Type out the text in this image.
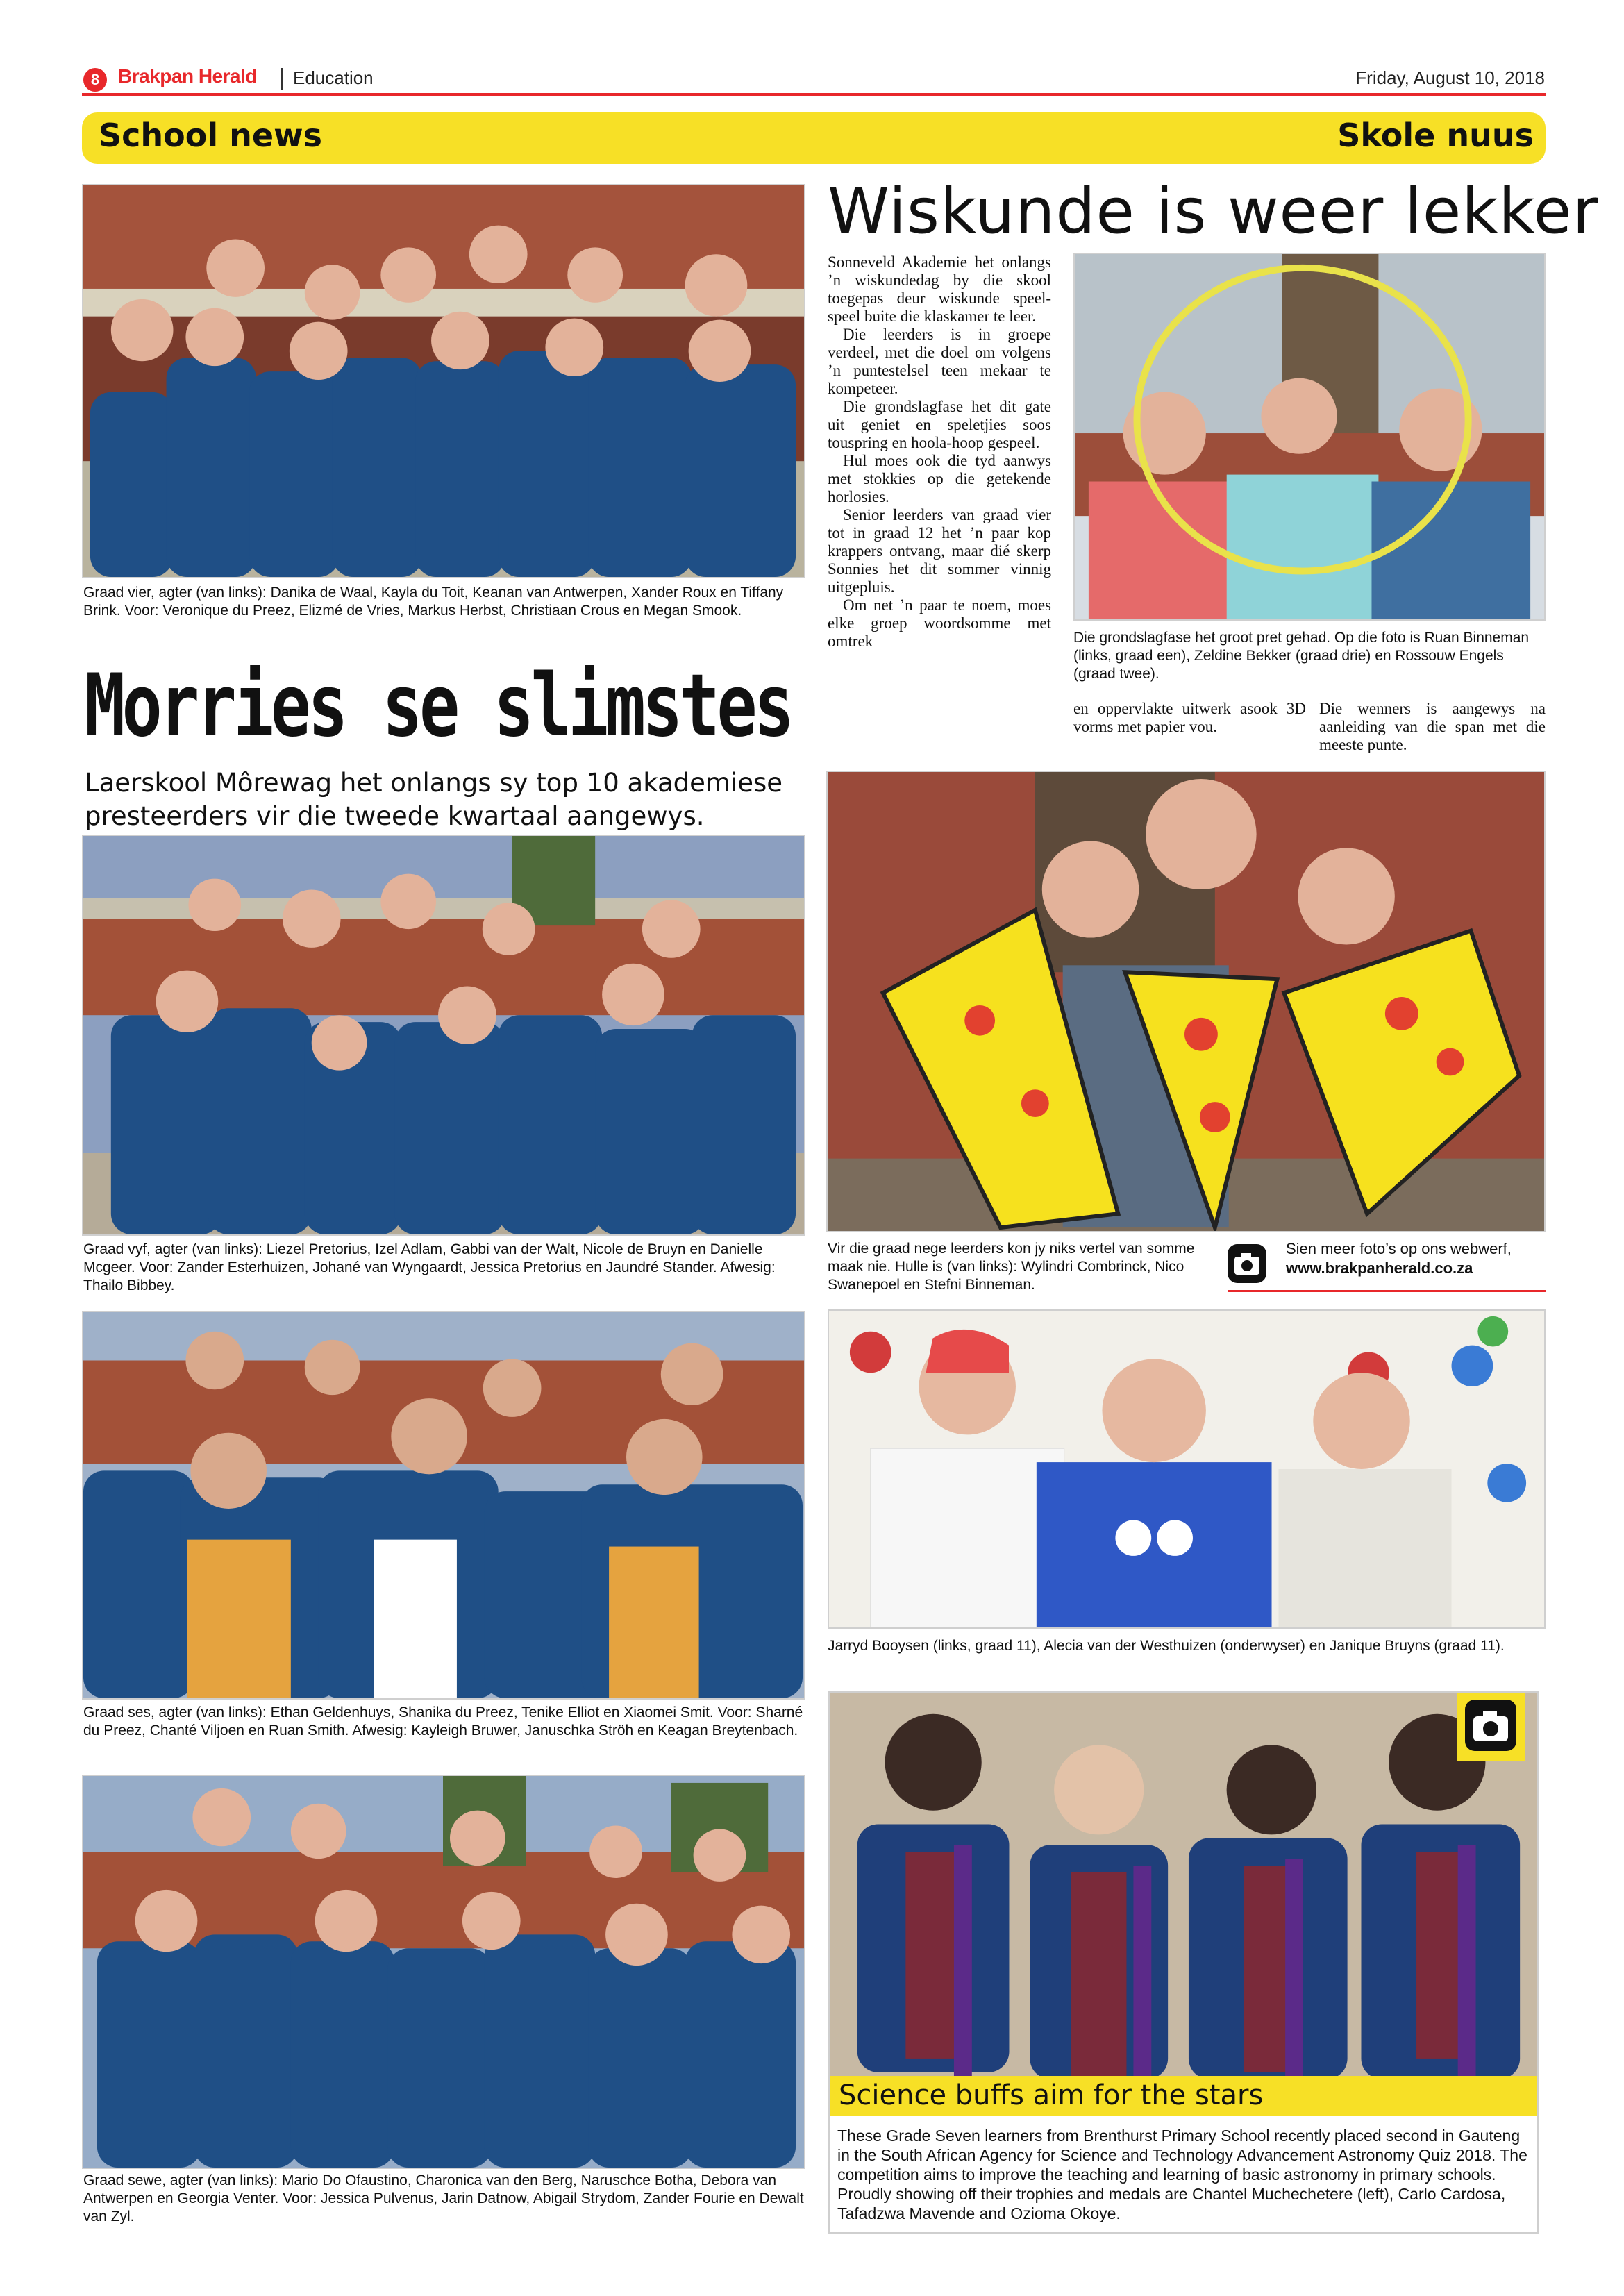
8 Brakpan Herald Education	Friday, August 10, 2018
School news	Skole nuus
Graad vier, agter (van links): Danika de Waal, Kayla du Toit, Keanan van Antwerpen, Xander Roux en Tiffany Brink. Voor: Veronique du Preez, Elizmé de Vries, Markus Herbst, Christiaan Crous en Megan Smook.
Morries se slimstes
Laerskool Môrewag het onlangs sy top 10 akademiese presteerders vir die tweede kwartaal aangewys.
Graad vyf, agter (van links): Liezel Pretorius, Izel Adlam, Gabbi van der Walt, Nicole de Bruyn en Danielle Mcgeer. Voor: Zander Esterhuizen, Johané van Wyngaardt, Jessica Pretorius en Jaundré Stander. Afwesig: Thailo Bibbey.
Graad ses, agter (van links): Ethan Geldenhuys, Shanika du Preez, Tenike Elliot en Xiaomei Smit. Voor: Sharné du Preez, Chanté Viljoen en Ruan Smith. Afwesig: Kayleigh Bruwer, Januschka Ströh en Keagan Breytenbach.
Graad sewe, agter (van links): Mario Do Ofaustino, Charonica van den Berg, Naruschce Botha, Debora van Antwerpen en Georgia Venter. Voor: Jessica Pulvenus, Jarin Datnow, Abigail Strydom, Zander Fourie en Dewalt van Zyl.
Wiskunde is weer lekker

Sonneveld Akademie het onlangs ’n wiskundedag by die skool toegepas deur wiskunde speel-speel buite die klaskamer te leer.

Die leerders is in groepe verdeel, met die doel om volgens ’n puntestelsel teen mekaar te kompeteer.

Die grondslagfase het dit gate uit geniet en speletjies soos touspring en hoola-hoop gespeel.

Hul moes ook die tyd aanwys met stokkies op die getekende horlosies.

Senior leerders van graad vier tot in graad 12 het ’n paar kop krappers ontvang, maar dié skerp Sonnies het dit sommer vinnig uitgepluis.

Om net ’n paar te noem, moes elke groep woordsomme met omtrek	Die grondslagfase het groot pret gehad. Op die foto is Ruan Binneman (links, graad een), Zeldine Bekker (graad drie) en Rossouw Engels (graad twee).
en oppervlakte uitwerk asook 3D vorms met papier vou.
Die wenners is aangewys na aanleiding van die span met die meeste punte.
Vir die graad nege leerders kon jy niks vertel van somme maak nie. Hulle is (van links): Wylindri Combrinck, Nico Swanepoel en Stefni Binneman.
Sien meer foto’s op ons webwerf,
www.brakpanherald.co.za
Jarryd Booysen (links, graad 11), Alecia van der Westhuizen (onderwyser) en Janique Bruyns (graad 11).
Science buffs aim for the stars
These Grade Seven learners from Brenthurst Primary School recently placed second in Gauteng in the South African Agency for Science and Technology Advancement Astronomy Quiz 2018. The competition aims to improve the teaching and learning of basic astronomy in primary schools. Proudly showing off their trophies and medals are Chantel Muchechetere (left), Carlo Cardosa, Tafadzwa Mavende and Ozioma Okoye.
